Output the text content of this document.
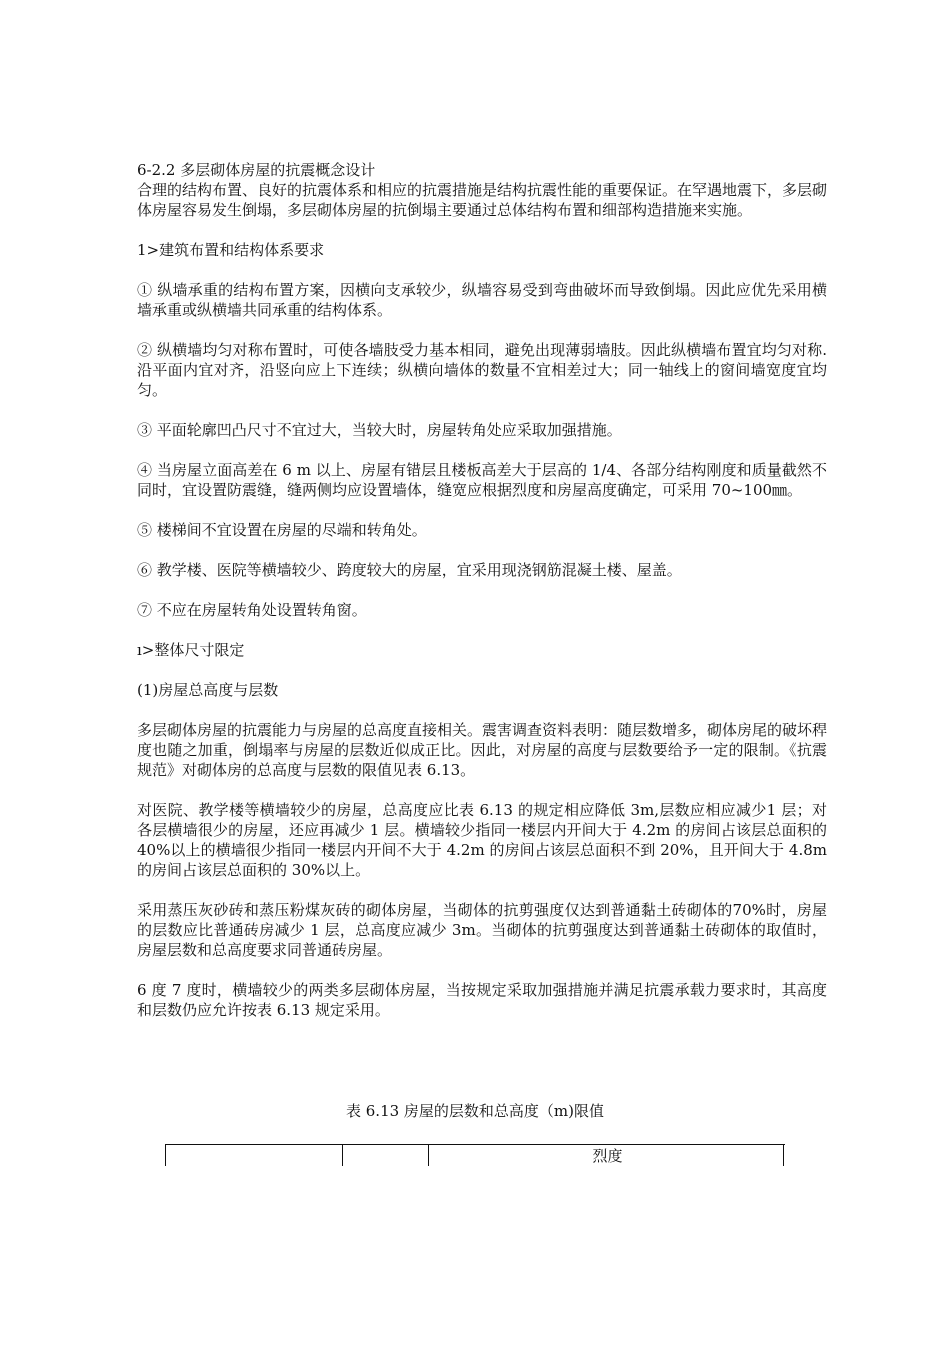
6-2.2 多层砌体房屋的抗震概念设计

合理的结构布置、良好的抗震体系和相应的抗震措施是结构抗震性能的重要保证。在罕遇地震下，多层砌体房屋容易发生倒塌，多层砌体房屋的抗倒塌主要通过总体结构布置和细部构造措施来实施。

1>建筑布置和结构体系要求

① 纵墙承重的结构布置方案，因横向支承较少，纵墙容易受到弯曲破坏而导致倒塌。因此应优先采用横墙承重或纵横墙共同承重的结构体系。

② 纵横墙均匀对称布置时，可使各墙肢受力基本相同，避免出现薄弱墙肢。因此纵横墙布置宜均匀对称.沿平面内宜对齐，沿竖向应上下连续；纵横向墙体的数量不宜相差过大；同一轴线上的窗间墙宽度宜均匀。

③ 平面轮廓凹凸尺寸不宜过大，当较大时，房屋转角处应采取加强措施。

④ 当房屋立面高差在 6 m 以上、房屋有错层且楼板高差大于层高的 1/4、各部分结构刚度和质量截然不同时，宜设置防震缝，缝两侧均应设置墙体，缝宽应根据烈度和房屋高度确定，可采用 70~100㎜。

⑤ 楼梯间不宜设置在房屋的尽端和转角处。

⑥ 教学楼、医院等横墙较少、跨度较大的房屋，宜采用现浇钢筋混凝土楼、屋盖。

⑦ 不应在房屋转角处设置转角窗。

ı>整体尺寸限定

(1)房屋总高度与层数

多层砌体房屋的抗震能力与房屋的总高度直接相关。震害调查资料表明：随层数增多，砌体房尾的破坏稈度也随之加重，倒塌率与房屋的层数近似成正比。因此，对房屋的高度与层数要给予一定的限制。《抗震规范》对砌体房的总高度与层数的限值见表 6.13。

对医院、教学楼等横墙较少的房屋，总高度应比表 6.13 的规定相应降低 3m,层数应相应减少1 层；对各层横墙很少的房屋，还应再减少 1 层。横墙较少指同一楼层内开间大于 4.2m 的房间占该层总面积的 40%以上的横墙很少指同一楼层内开间不大于 4.2m 的房间占该层总面积不到 20%，且开间大于 4.8m 的房间占该层总面积的 30%以上。

采用蒸压灰砂砖和蒸压粉煤灰砖的砌体房屋，当砌体的抗剪强度仅达到普通黏土砖砌体的70%时，房屋的层数应比普通砖房减少 1 层，总高度应减少 3m。当砌体的抗剪强度达到普通黏土砖砌体的取值时，房屋层数和总高度要求同普通砖房屋。

6 度 7 度时，横墙较少的两类多层砌体房屋，当按规定采取加强措施并满足抗震承载力要求时，其高度和层数仍应允许按表 6.13 规定采用。

表 6.13 房屋的层数和总高度（m)限值
烈度
